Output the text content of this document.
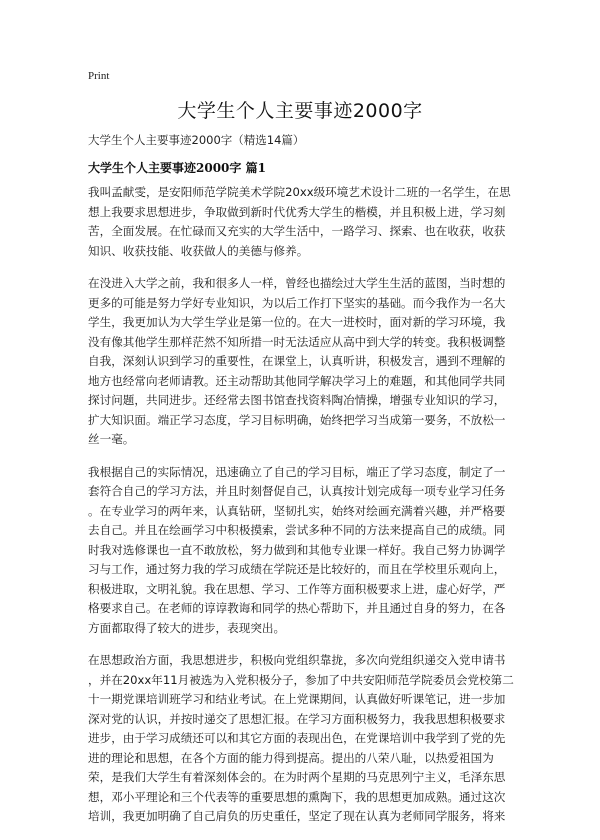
Print
大学生个人主要事迹2000字
大学生个人主要事迹2000字（精选14篇）
大学生个人主要事迹2000字 篇1

我叫孟献雯，是安阳师范学院美术学院20xx级环境艺术设计二班的一名学生，在思
想上我要求思想进步，争取做到新时代优秀大学生的楷模，并且积极上进，学习刻
苦，全面发展。在忙碌而又充实的大学生活中，一路学习、探索、也在收获，收获
知识、收获技能、收获做人的美德与修养。

在没进入大学之前，我和很多人一样，曾经也描绘过大学生生活的蓝图，当时想的
更多的可能是努力学好专业知识，为以后工作打下坚实的基础。而今我作为一名大
学生，我更加认为大学生学业是第一位的。在大一进校时，面对新的学习环境，我
没有像其他学生那样茫然不知所措一时无法适应从高中到大学的转变。我积极调整
自我，深刻认识到学习的重要性，在课堂上，认真听讲，积极发言，遇到不理解的
地方也经常向老师请教。还主动帮助其他同学解决学习上的难题，和其他同学共同
探讨问题，共同进步。还经常去图书馆查找资料陶冶情操，增强专业知识的学习，
扩大知识面。端正学习态度，学习目标明确，始终把学习当成第一要务，不放松一
丝一毫。

我根据自己的实际情况，迅速确立了自己的学习目标，端正了学习态度，制定了一
套符合自己的学习方法，并且时刻督促自己，认真按计划完成每一项专业学习任务
。在专业学习的两年来，认真钻研，坚韧扎实，始终对绘画充满着兴趣，并严格要
去自己。并且在绘画学习中积极摸索，尝试多种不同的方法来提高自己的成绩。同
时我对选修课也一直不敢放松，努力做到和其他专业课一样好。我自己努力协调学
习与工作，通过努力我的学习成绩在学院还是比较好的，而且在学校里乐观向上，
积极进取，文明礼貌。我在思想、学习、工作等方面积极要求上进，虚心好学，严
格要求自己。在老师的谆谆教诲和同学的热心帮助下，并且通过自身的努力，在各
方面都取得了较大的进步，表现突出。

在思想政治方面，我思想进步，积极向党组织靠拢，多次向党组织递交入党申请书
，并在20xx年11月被选为入党积极分子，参加了中共安阳师范学院委员会党校第二
十一期党课培训班学习和结业考试。在上党课期间，认真做好听课笔记，进一步加
深对党的认识，并按时递交了思想汇报。在学习方面积极努力，我我思想积极要求
进步，由于学习成绩还可以和其它方面的表现出色，在党课培训中我学到了党的先
进的理论和思想，在各个方面的能力得到提高。提出的八荣八耻，以热爱祖国为
荣，是我们大学生有着深刻体会的。在为时两个星期的马克思列宁主义，毛泽东思
想，邓小平理论和三个代表等的重要思想的熏陶下，我的思想更加成熟。通过这次
培训，我更加明确了自己肩负的历史重任，坚定了现在认真为老师同学服务，将来
